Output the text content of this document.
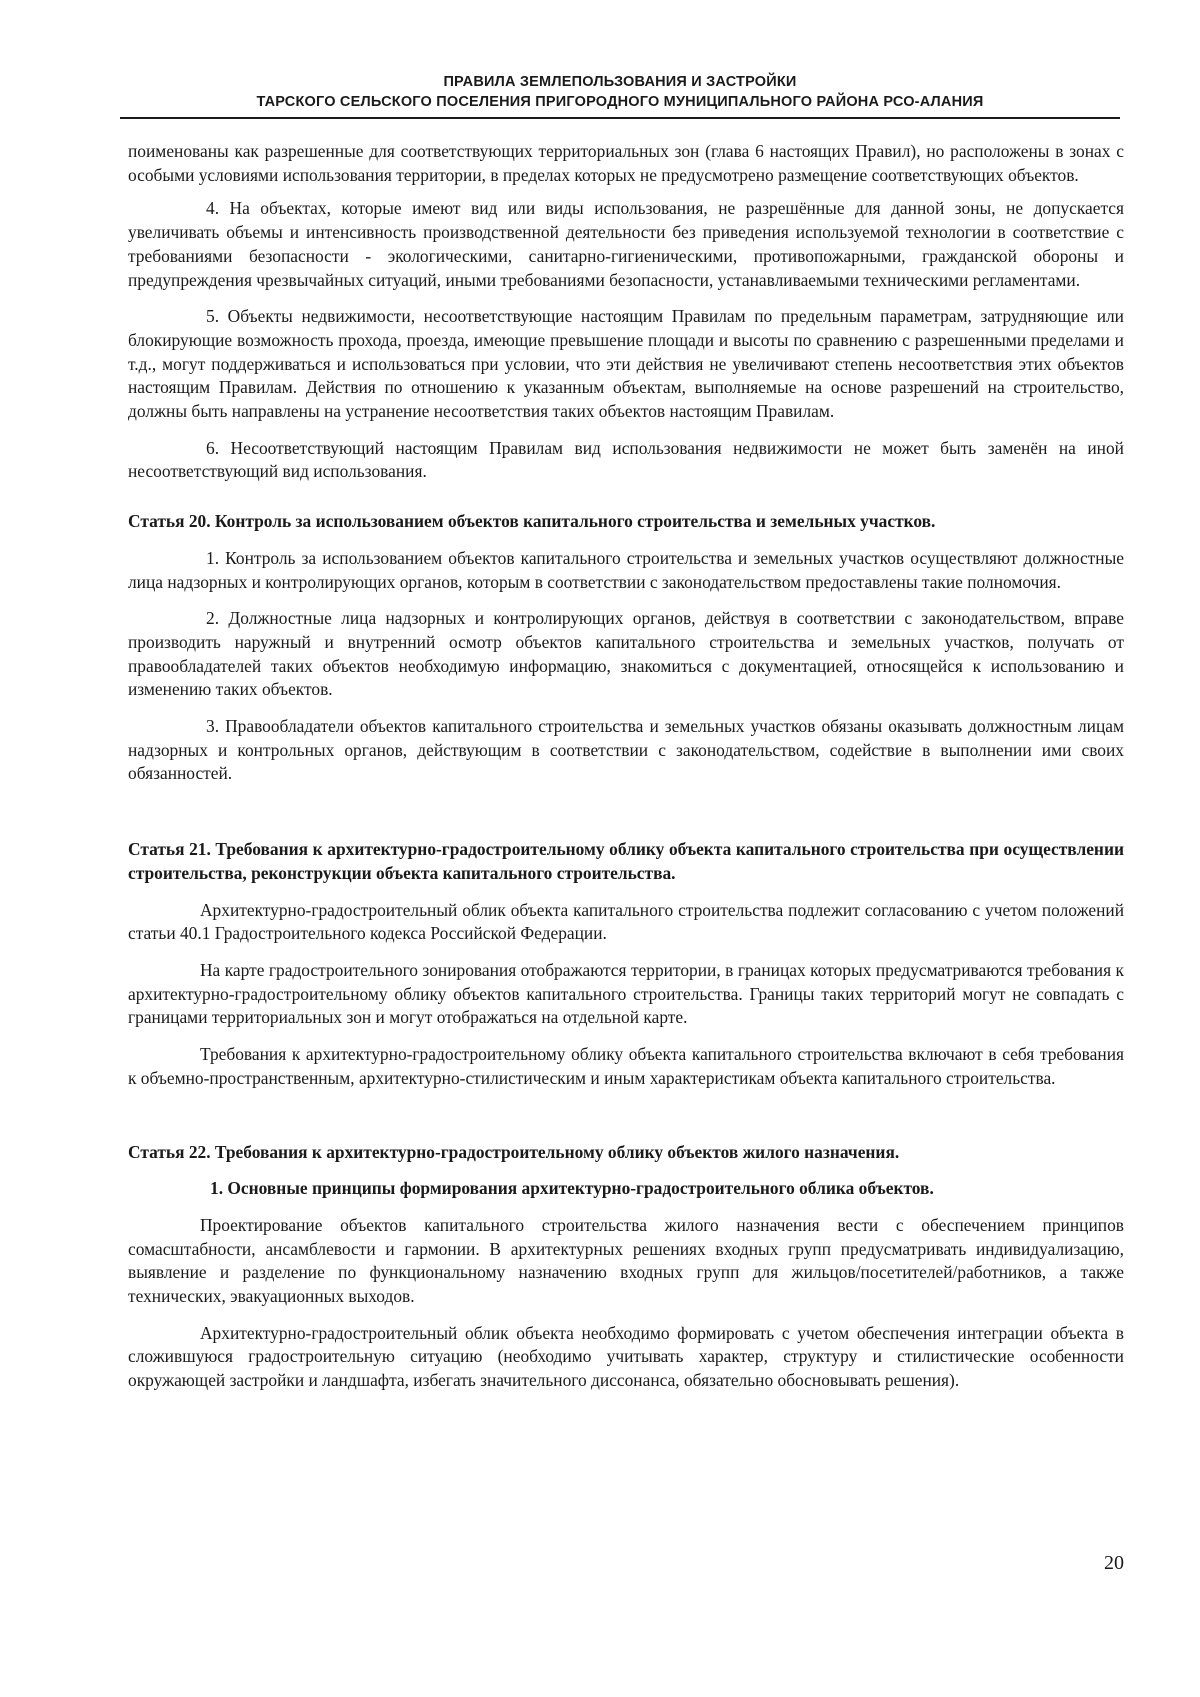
ПРАВИЛА ЗЕМЛЕПОЛЬЗОВАНИЯ И ЗАСТРОЙКИ
ТАРСКОГО СЕЛЬСКОГО ПОСЕЛЕНИЯ ПРИГОРОДНОГО МУНИЦИПАЛЬНОГО РАЙОНА РСО-АЛАНИЯ

поименованы как разрешенные для соответствующих территориальных зон (глава 6 настоящих Правил), но расположены в зонах с особыми условиями использования территории, в пределах которых не предусмотрено размещение соответствующих объектов.

4. На объектах, которые имеют вид или виды использования, не разрешённые для данной зоны, не допускается увеличивать объемы и интенсивность производственной деятельности без приведения используемой технологии в соответствие с требованиями безопасности - экологическими, санитарно-гигиеническими, противопожарными, гражданской обороны и предупреждения чрезвычайных ситуаций, иными требованиями безопасности, устанавливаемыми техническими регламентами.

5. Объекты недвижимости, несоответствующие настоящим Правилам по предельным параметрам, затрудняющие или блокирующие возможность прохода, проезда, имеющие превышение площади и высоты по сравнению с разрешенными пределами и т.д., могут поддерживаться и использоваться при условии, что эти действия не увеличивают степень несоответствия этих объектов настоящим Правилам. Действия по отношению к указанным объектам, выполняемые на основе разрешений на строительство, должны быть направлены на устранение несоответствия таких объектов настоящим Правилам.

6. Несоответствующий настоящим Правилам вид использования недвижимости не может быть заменён на иной несоответствующий вид использования.

Статья 20. Контроль за использованием объектов капитального строительства и земельных участков.

1. Контроль за использованием объектов капитального строительства и земельных участков осуществляют должностные лица надзорных и контролирующих органов, которым в соответствии с законодательством предоставлены такие полномочия.

2. Должностные лица надзорных и контролирующих органов, действуя в соответствии с законодательством, вправе производить наружный и внутренний осмотр объектов капитального строительства и земельных участков, получать от правообладателей таких объектов необходимую информацию, знакомиться с документацией, относящейся к использованию и изменению таких объектов.

3. Правообладатели объектов капитального строительства и земельных участков обязаны оказывать должностным лицам надзорных и контрольных органов, действующим в соответствии с законодательством, содействие в выполнении ими своих обязанностей.

Статья 21. Требования к архитектурно-градостроительному облику объекта капитального строительства при осуществлении строительства, реконструкции объекта капитального строительства.

Архитектурно-градостроительный облик объекта капитального строительства подлежит согласованию с учетом положений статьи 40.1 Градостроительного кодекса Российской Федерации.

На карте градостроительного зонирования отображаются территории, в границах которых предусматриваются требования к архитектурно-градостроительному облику объектов капитального строительства. Границы таких территорий могут не совпадать с границами территориальных зон и могут отображаться на отдельной карте.

Требования к архитектурно-градостроительному облику объекта капитального строительства включают в себя требования к объемно-пространственным, архитектурно-стилистическим и иным характеристикам объекта капитального строительства.

Статья 22. Требования к архитектурно-градостроительному облику объектов жилого назначения.

1. Основные принципы формирования архитектурно-градостроительного облика объектов.

Проектирование объектов капитального строительства жилого назначения вести с обеспечением принципов сомасштабности, ансамблевости и гармонии. В архитектурных решениях входных групп предусматривать индивидуализацию, выявление и разделение по функциональному назначению входных групп для жильцов/посетителей/работников, а также технических, эвакуационных выходов.

Архитектурно-градостроительный облик объекта необходимо формировать с учетом обеспечения интеграции объекта в сложившуюся градостроительную ситуацию (необходимо учитывать характер, структуру и стилистические особенности окружающей застройки и ландшафта, избегать значительного диссонанса, обязательно обосновывать решения).

20
